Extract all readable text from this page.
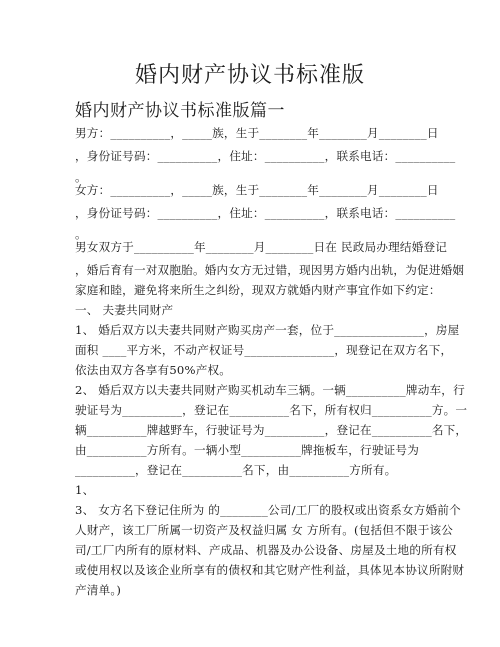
婚内财产协议书标准版
婚内财产协议书标准版篇一
男方：__________，_____族，生于________年________月________日
，身份证号码：__________，住址：__________，联系电话：__________
。
女方：__________，_____族，生于________年________月________日
，身份证号码：__________，住址：__________，联系电话：__________
。
男女双方于__________年________月________日在 民政局办理结婚登记
，婚后育有一对双胞胎。婚内女方无过错，现因男方婚内出轨，为促进婚姻
家庭和睦，避免将来所生之纠纷，现双方就婚内财产事宜作如下约定：
一、 夫妻共同财产
1、 婚后双方以夫妻共同财产购买房产一套，位于_______________，房屋
面积 ____平方米，不动产权证号_______________，现登记在双方名下，
依法由双方各享有50%产权。
2、 婚后双方以夫妻共同财产购买机动车三辆。一辆__________牌动车，行
驶证号为__________，登记在__________名下，所有权归__________方。一
辆__________牌越野车，行驶证号为__________，登记在__________名下，
由__________方所有。一辆小型__________牌拖板车，行驶证号为
__________，登记在__________名下，由__________方所有。
1、
3、 女方名下登记住所为 的________公司/工厂的股权或出资系女方婚前个
人财产，该工厂所属一切资产及权益归属 女 方所有。(包括但不限于该公
司/工厂内所有的原材料、产成品、机器及办公设备、房屋及土地的所有权
或使用权以及该企业所享有的债权和其它财产性利益，具体见本协议所附财
产清单。)
